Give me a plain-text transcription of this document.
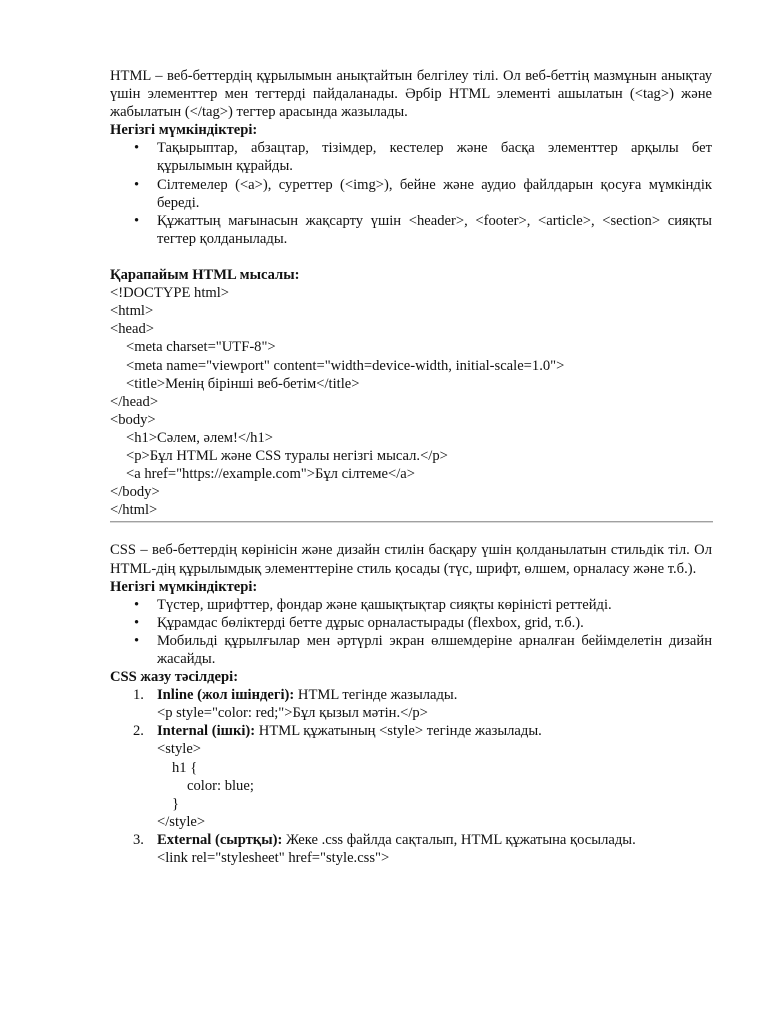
HTML – веб-беттердің құрылымын анықтайтын белгілеу тілі. Ол веб-беттің мазмұнын анықтау үшін элементтер мен тегтерді пайдаланады. Әрбір HTML элементі ашылатын (<tag>) және жабылатын (</tag>) тегтер арасында жазылады.

Негізгі мүмкіндіктері:

• Тақырыптар, абзацтар, тізімдер, кестелер және басқа элементтер арқылы бет құрылымын құрайды.
• Сілтемелер (<a>), суреттер (<img>), бейне және аудио файлдарын қосуға мүмкіндік береді.
• Құжаттың мағынасын жақсарту үшін <header>, <footer>, <article>, <section> сияқты тегтер қолданылады.

Қарапайым HTML мысалы:

<!DOCTYPE html>
<html>
<head>
<meta charset="UTF-8">
<meta name="viewport" content="width=device-width, initial-scale=1.0">
<title>Менің бірінші веб-бетім</title>
</head>
<body>
<h1>Сәлем, әлем!</h1>
<p>Бұл HTML және CSS туралы негізгі мысал.</p>
<a href="https://example.com">Бұл сілтеме</a>
</body>
</html>

CSS – веб-беттердің көрінісін және дизайн стилін басқару үшін қолданылатын стильдік тіл. Ол HTML-дің құрылымдық элементтеріне стиль қосады (түс, шрифт, өлшем, орналасу және т.б.).

Негізгі мүмкіндіктері:

• Түстер, шрифттер, фондар және қашықтықтар сияқты көріністі реттейді.
• Құрамдас бөліктерді бетте дұрыс орналастырады (flexbox, grid, т.б.).
• Мобильді құрылғылар мен әртүрлі экран өлшемдеріне арналған бейімделетін дизайн жасайды.

CSS жазу тәсілдері:

1. Inline (жол ішіндегі): HTML тегінде жазылады.
<p style="color: red;">Бұл қызыл мәтін.</p>
2. Internal (ішкі): HTML құжатының <style> тегінде жазылады.
<style>
h1 {
color: blue;
}
</style>
3. External (сыртқы): Жеке .css файлда сақталып, HTML құжатына қосылады.
<link rel="stylesheet" href="style.css">
